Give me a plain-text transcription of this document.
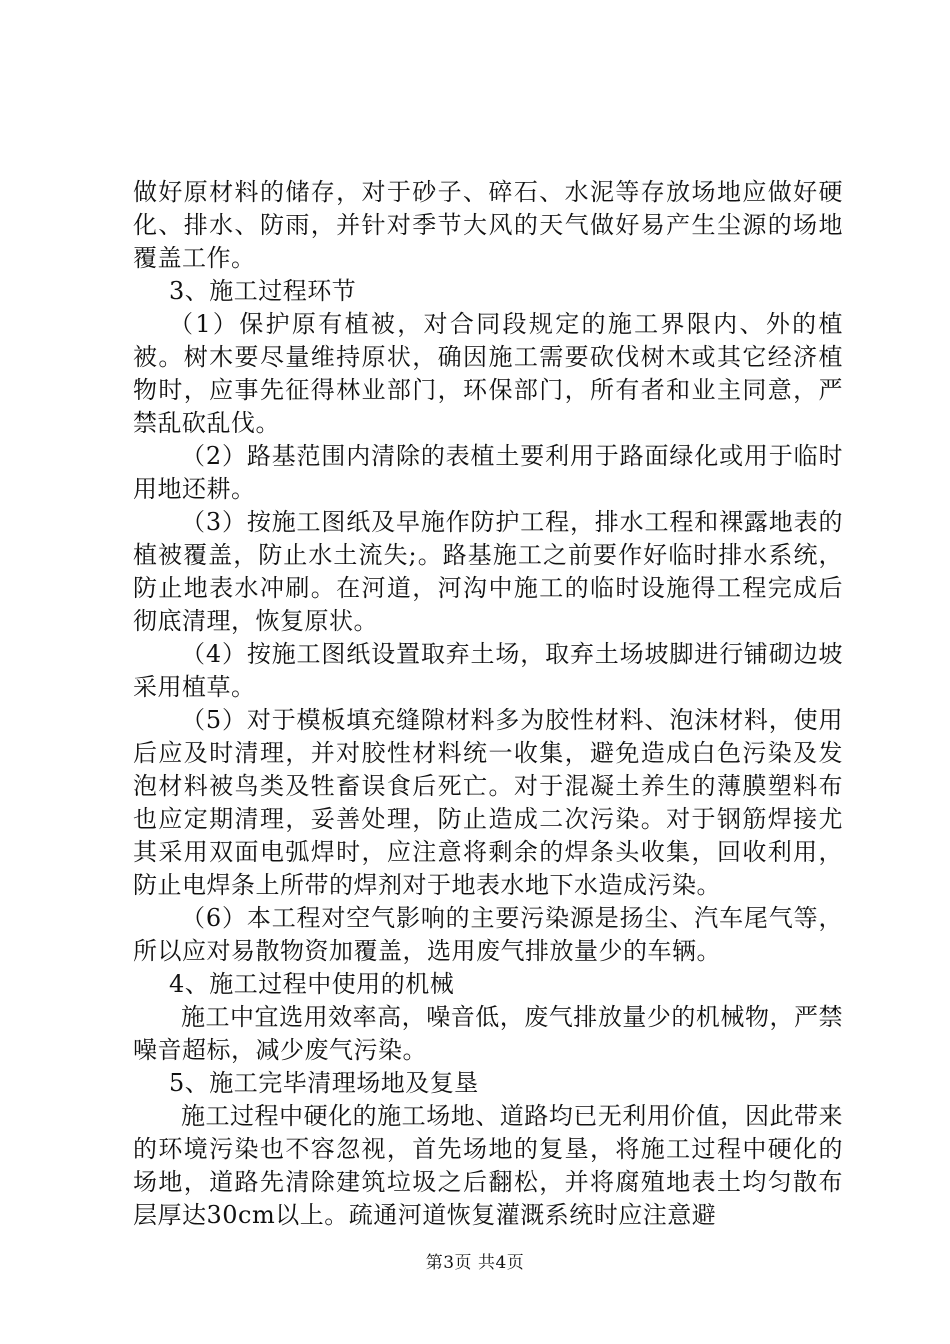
做好原材料的储存，对于砂子、碎石、水泥等存放场地应做好硬化、排水、防雨，并针对季节大风的天气做好易产生尘源的场地覆盖工作。

3、施工过程环节

（1）保护原有植被，对合同段规定的施工界限内、外的植被。树木要尽量维持原状，确因施工需要砍伐树木或其它经济植物时，应事先征得林业部门，环保部门，所有者和业主同意，严禁乱砍乱伐。

（2）路基范围内清除的表植土要利用于路面绿化或用于临时用地还耕。

（3）按施工图纸及早施作防护工程，排水工程和裸露地表的植被覆盖，防止水土流失;。路基施工之前要作好临时排水系统，防止地表水冲刷。在河道，河沟中施工的临时设施得工程完成后彻底清理，恢复原状。

（4）按施工图纸设置取弃土场，取弃土场坡脚进行铺砌边坡采用植草。

（5）对于模板填充缝隙材料多为胶性材料、泡沫材料，使用后应及时清理，并对胶性材料统一收集，避免造成白色污染及发泡材料被鸟类及牲畜误食后死亡。对于混凝土养生的薄膜塑料布也应定期清理，妥善处理，防止造成二次污染。对于钢筋焊接尤其采用双面电弧焊时，应注意将剩余的焊条头收集，回收利用，防止电焊条上所带的焊剂对于地表水地下水造成污染。

（6）本工程对空气影响的主要污染源是扬尘、汽车尾气等，所以应对易散物资加覆盖，选用废气排放量少的车辆。

4、施工过程中使用的机械

施工中宜选用效率高，噪音低，废气排放量少的机械物，严禁噪音超标，减少废气污染。

5、施工完毕清理场地及复垦

施工过程中硬化的施工场地、道路均已无利用价值，因此带来的环境污染也不容忽视，首先场地的复垦，将施工过程中硬化的场地，道路先清除建筑垃圾之后翻松，并将腐殖地表土均匀散布层厚达30cm以上。疏通河道恢复灌溉系统时应注意避

第3页 共4页
